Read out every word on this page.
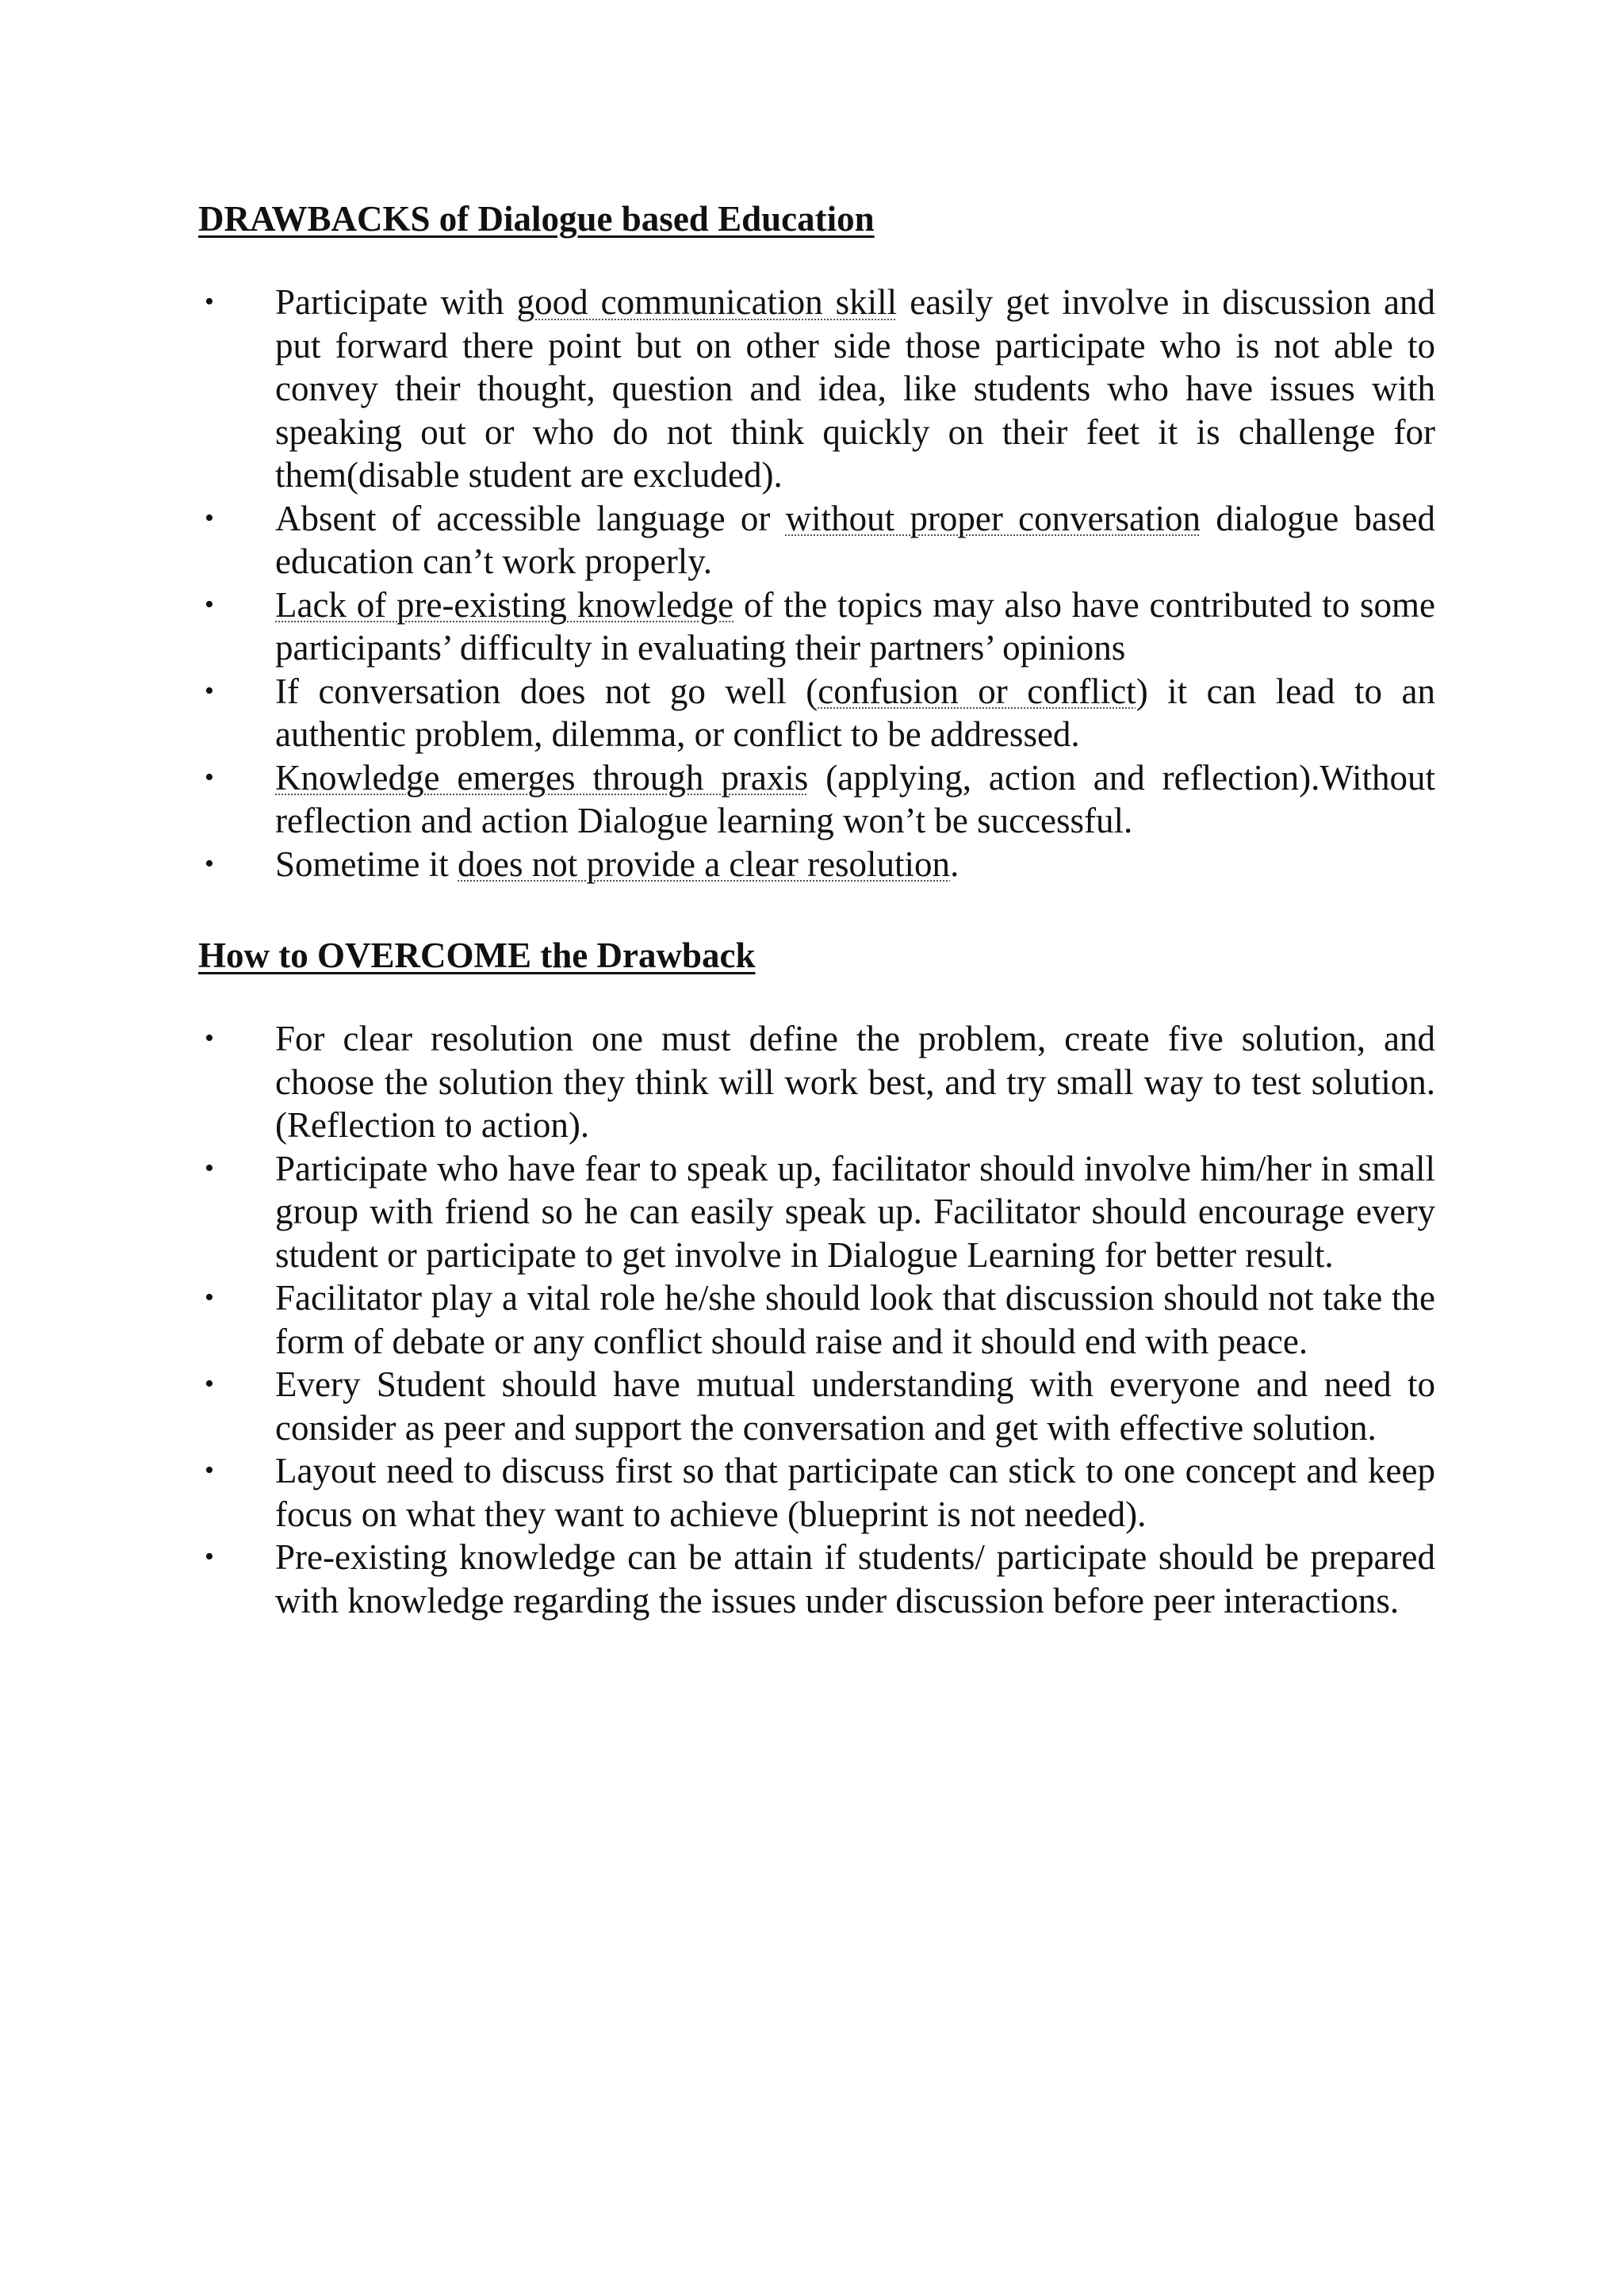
DRAWBACKS of Dialogue based Education
• Participate with good communication skill easily get involve in discussion and put forward there point but on other side those participate who is not able to convey their thought, question and idea, like students who have issues with speaking out or who do not think quickly on their feet it is challenge for them(disable student are excluded).
• Absent of accessible language or without proper conversation dialogue based education can’t work properly.
• Lack of pre-existing knowledge of the topics may also have contributed to some participants’ difficulty in evaluating their partners’ opinions
• If conversation does not go well (confusion or conflict) it can lead to an authentic problem, dilemma, or conflict to be addressed.
• Knowledge emerges through praxis (applying, action and reflection).Without reflection and action Dialogue learning won’t be successful.
• Sometime it does not provide a clear resolution.
How to OVERCOME the Drawback
• For clear resolution one must define the problem, create five solution, and choose the solution they think will work best, and try small way to test solution. (Reflection to action).
• Participate who have fear to speak up, facilitator should involve him/her in small group with friend so he can easily speak up. Facilitator should encourage every student or participate to get involve in Dialogue Learning for better result.
• Facilitator play a vital role he/she should look that discussion should not take the form of debate or any conflict should raise and it should end with peace.
• Every Student should have mutual understanding with everyone and need to consider as peer and support the conversation and get with effective solution.
• Layout need to discuss first so that participate can stick to one concept and keep focus on what they want to achieve (blueprint is not needed).
• Pre-existing knowledge can be attain if students/ participate should be prepared with knowledge regarding the issues under discussion before peer interactions.
